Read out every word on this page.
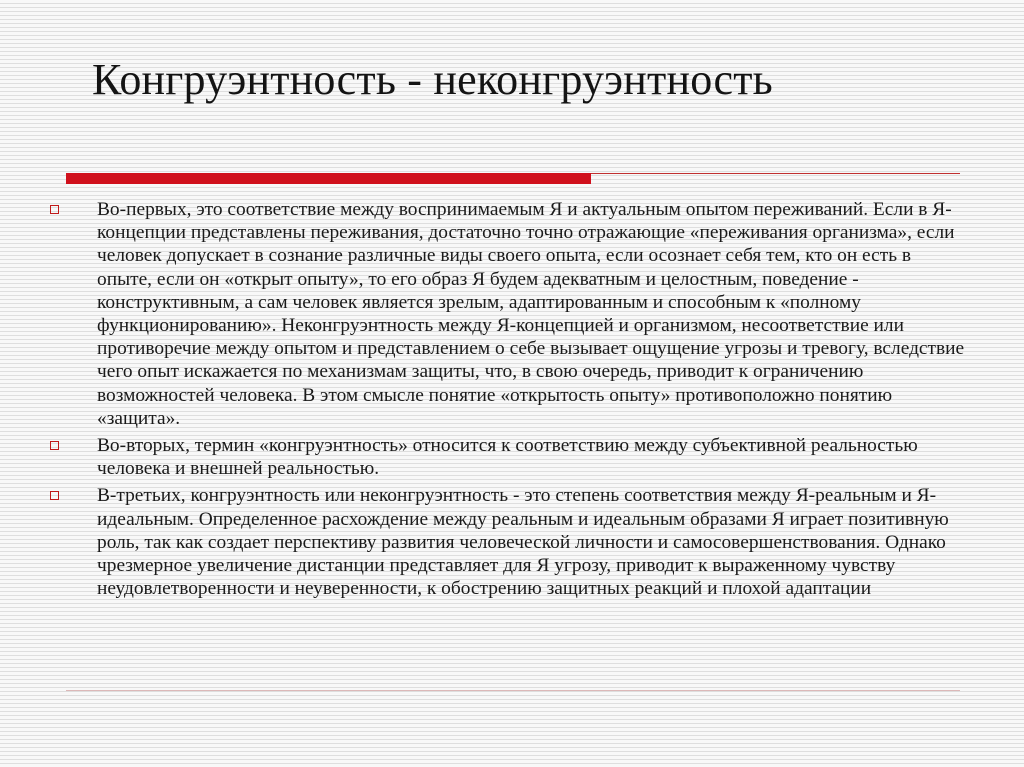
Конгруэнтность - неконгруэнтность
Во-первых, это соответствие между воспринимаемым Я и актуальным опытом переживаний. Если в Я-концепции представлены переживания, достаточно точно отражающие «переживания организма», если человек допускает в сознание различные виды своего опыта, если осознает себя тем, кто он есть в опыте, если он «открыт опыту», то его образ Я будем адекватным и целостным, поведение - конструктивным, а сам человек является зрелым, адаптированным и способным к «полному функционированию». Неконгруэнтность между Я-концепцией и организмом, несоответствие или противоречие между опытом и представлением о себе вызывает ощущение угрозы и тревогу, вследствие чего опыт искажается по механизмам защиты, что, в свою очередь, приводит к ограничению возможностей человека. В этом смысле понятие «открытость опыту» противоположно понятию «защита».
Во-вторых, термин «конгруэнтность» относится к соответствию между субъективной реальностью человека и внешней реальностью.
В-третьих, конгруэнтность или неконгруэнтность - это степень соответствия между Я-реальным и Я-идеальным. Определенное расхождение между реальным и идеальным образами Я играет позитивную роль, так как создает перспективу развития человеческой личности и самосовершенствования. Однако чрезмерное увеличение дистанции представляет для Я угрозу, приводит к выраженному чувству неудовлетворенности и неуверенности, к обострению защитных реакций и плохой адаптации
